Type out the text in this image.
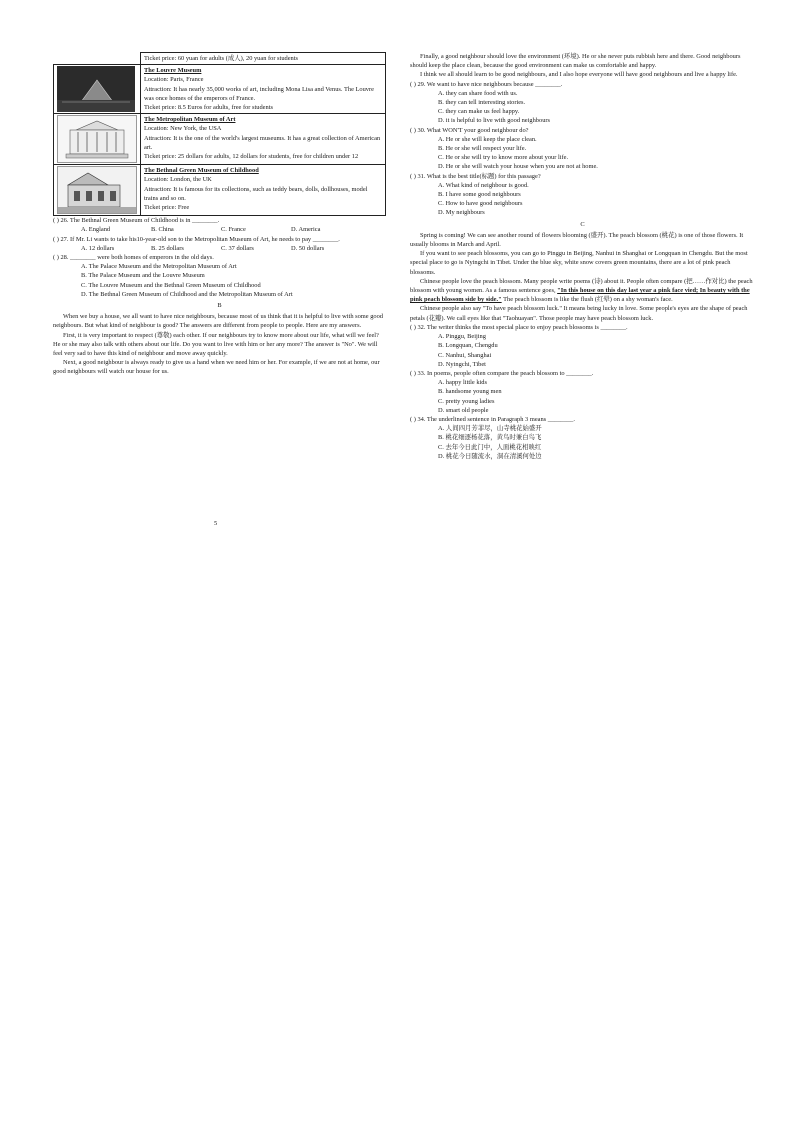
	Ticket price: 60 yuan for adults (成人), 20 yuan for students

The Louvre Museum
Location: Paris, France
Attraction: It has nearly 35,000 works of art, including Mona Lisa and Venus. The Louvre was once homes of the emperors of France.
Ticket price: 8.5 Euros for adults, free for students

The Metropolitan Museum of Art
Location: New York, the USA
Attraction: It is the one of the world's largest museums. It has a great collection of American art.
Ticket price: 25 dollars for adults, 12 dollars for students, free for children under 12

The Bethnal Green Museum of Childhood
Location: London, the UK
Attraction: It is famous for its collections, such as teddy bears, dolls, dollhouses, model trains and so on.
Ticket price: Free

( ) 26. The Bethnal Green Museum of Childhood is in ________.

A. England	B. China	C. France	D. America

( ) 27. If Mr. Li wants to take his10-year-old son to the Metropolitan Museum of Art, he needs to pay ________.

A. 12 dollars	B. 25 dollars	C. 37 dollars	D. 50 dollars

( ) 28. ________ were both homes of emperors in the old days.

A. The Palace Museum and the Metropolitan Museum of Art
B. The Palace Museum and the Louvre Museum
C. The Louvre Museum and the Bethnal Green Museum of Childhood
D. The Bethnal Green Museum of Childhood and the Metropolitan Museum of Art
B

When we buy a house, we all want to have nice neighbours, because most of us think that it is helpful to live with some good neighbours. But what kind of neighbour is good? The answers are different from people to people. Here are my answers.

First, it is very important to respect (尊敬) each other. If our neighbours try to know more about our life, what will we feel? He or she may also talk with others about our life. Do you want to live with him or her any more? The answer is "No". We will feel very sad to have this kind of neighbour and move away quickly.

Next, a good neighbour is always ready to give us a hand when we need him or her. For example, if we are not at home, our good neighbours will watch our house for us.

5

Finally, a good neighbour should love the environment (环境). He or she never puts rubbish here and there. Good neighbours should keep the place clean, because the good environment can make us comfortable and happy.

I think we all should learn to be good neighbours, and I also hope everyone will have good neighbours and live a happy life.

( ) 29. We want to have nice neighbours because ________.

A. they can share food with us.
B. they can tell interesting stories.
C. they can make us feel happy.
D. it is helpful to live with good neighbours

( ) 30. What WON'T your good neighbour do?

A. He or she will keep the place clean.
B. He or she will respect your life.
C. He or she will try to know more about your life.
D. He or she will watch your house when you are not at home.

( ) 31. What is the best title(标题) for this passage?

A. What kind of neighbour is good.
B. I have some good neighbours
C. How to have good neighbours
D. My neighbours
C

Spring is coming! We can see another round of flowers blooming (盛开). The peach blossom (桃花) is one of those flowers. It usually blooms in March and April.

If you want to see peach blossoms, you can go to Pinggu in Beijing, Nanhui in Shanghai or Longquan in Chengdu. But the most special place to go is Nyingchi in Tibet. Under the blue sky, white snow covers green mountains, there are a lot of pink peach blossoms.

Chinese people love the peach blossom. Many people write poems (诗) about it. People often compare (把……作对比) the peach blossom with young women. As a famous sentence goes, "In this house on this day last year a pink face vied; In beauty with the pink peach blossom side by side." The peach blossom is like the flush (红晕) on a shy woman's face.

Chinese people also say "To have peach blossom luck." It means being lucky in love. Some people's eyes are the shape of peach petals (花瓣). We call eyes like that "Taohuayan". Those people may have peach blossom luck.

( ) 32. The writer thinks the most special place to enjoy peach blossoms is ________.

A. Pinggu, Beijing
B. Longquan, Chengdu
C. Nanhui, Shanghai
D. Nyingchi, Tibet

( ) 33. In poems, people often compare the peach blossom to ________.

A. happy little kids
B. handsome young men
C. pretty young ladies
D. smart old people

( ) 34. The underlined sentence in Paragraph 3 means ________.

A. 人间四月芳菲尽，山寺桃花始盛开
B. 桃花细逐杨花落，黄鸟时兼白鸟飞
C. 去年今日此门中，人面桃花相映红
D. 桃花今日随流水，洞在清溪何处边
